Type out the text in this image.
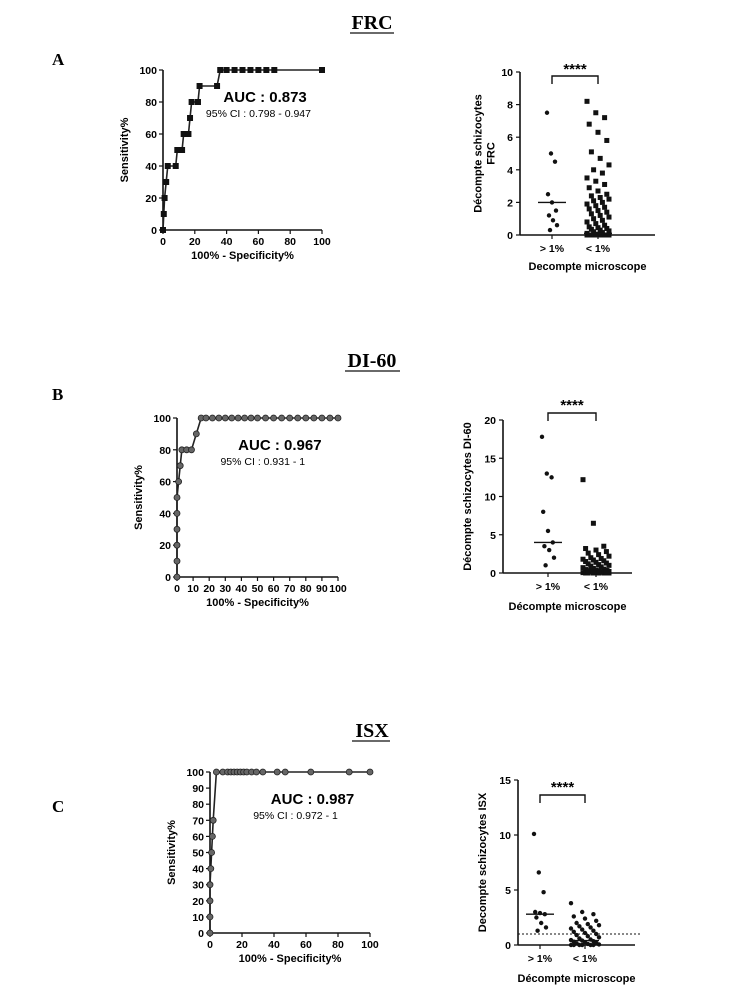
FRC
A
0 20 40 60 80 100
0
20
40
60
80
100
100% - Specificity%
Sensitivity%
AUC : 0.873
95% CI : 0.798 - 0.947
0
2
4
6
8
10
> 1% < 1%
Decompte microscope
Décompte schizocytes FRC
****
DI-60
B
0 10 20 30 40 50 60 70 80 90 100
0
20
40
60
80
100
100% - Specificity%
Sensitivity%
AUC : 0.967
95% CI : 0.931 - 1
0
5
10
15
20
> 1% < 1%
Décompte microscope
Décompte schizocytes DI-60
****
ISX
C
0 20 40 60 80 100
0
10
20
30
40
50
60
70
80
90
100
100% - Specificity%
Sensitivity%
AUC : 0.987
95% CI : 0.972 - 1
0
5
10
15
> 1% < 1%
Décompte microscope
Decompte schizocytes ISX
****
